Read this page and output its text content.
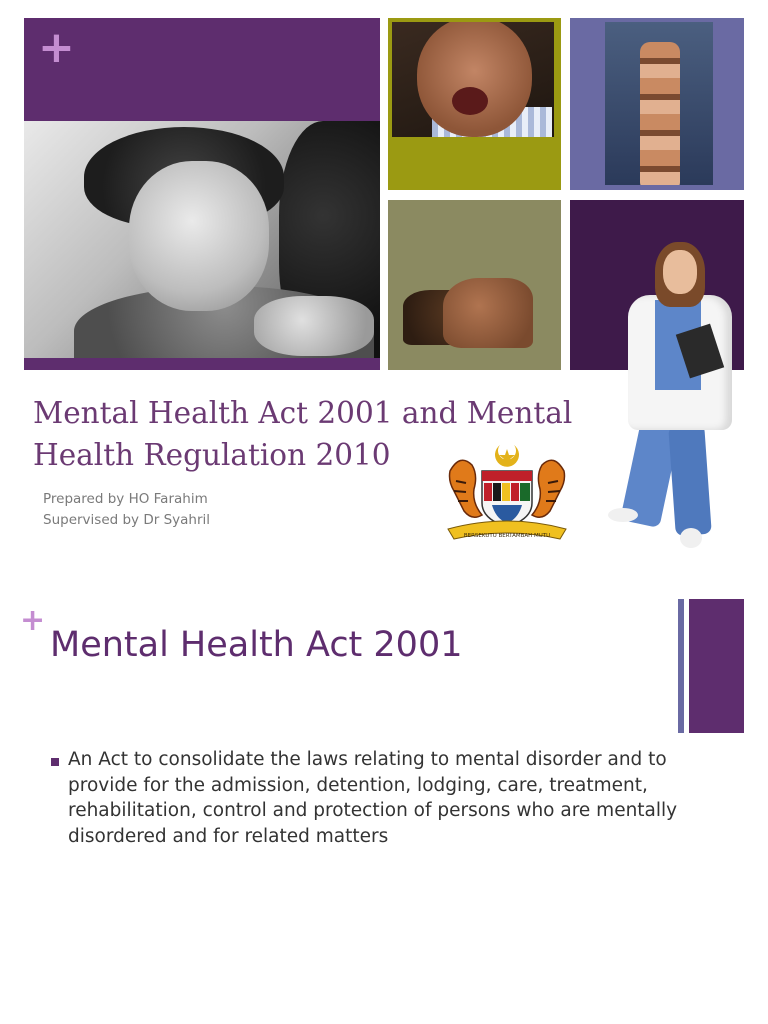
+
Mental Health Act 2001 and Mental Health Regulation 2010
Prepared by HO Farahim
Supervised by Dr Syahril
BERSEKUTU BERTAMBAH MUTU
+
Mental Health Act 2001
An Act to consolidate the laws relating to mental disorder and to provide for the admission, detention, lodging, care, treatment, rehabilitation, control and protection of persons who are mentally disordered and for related matters
